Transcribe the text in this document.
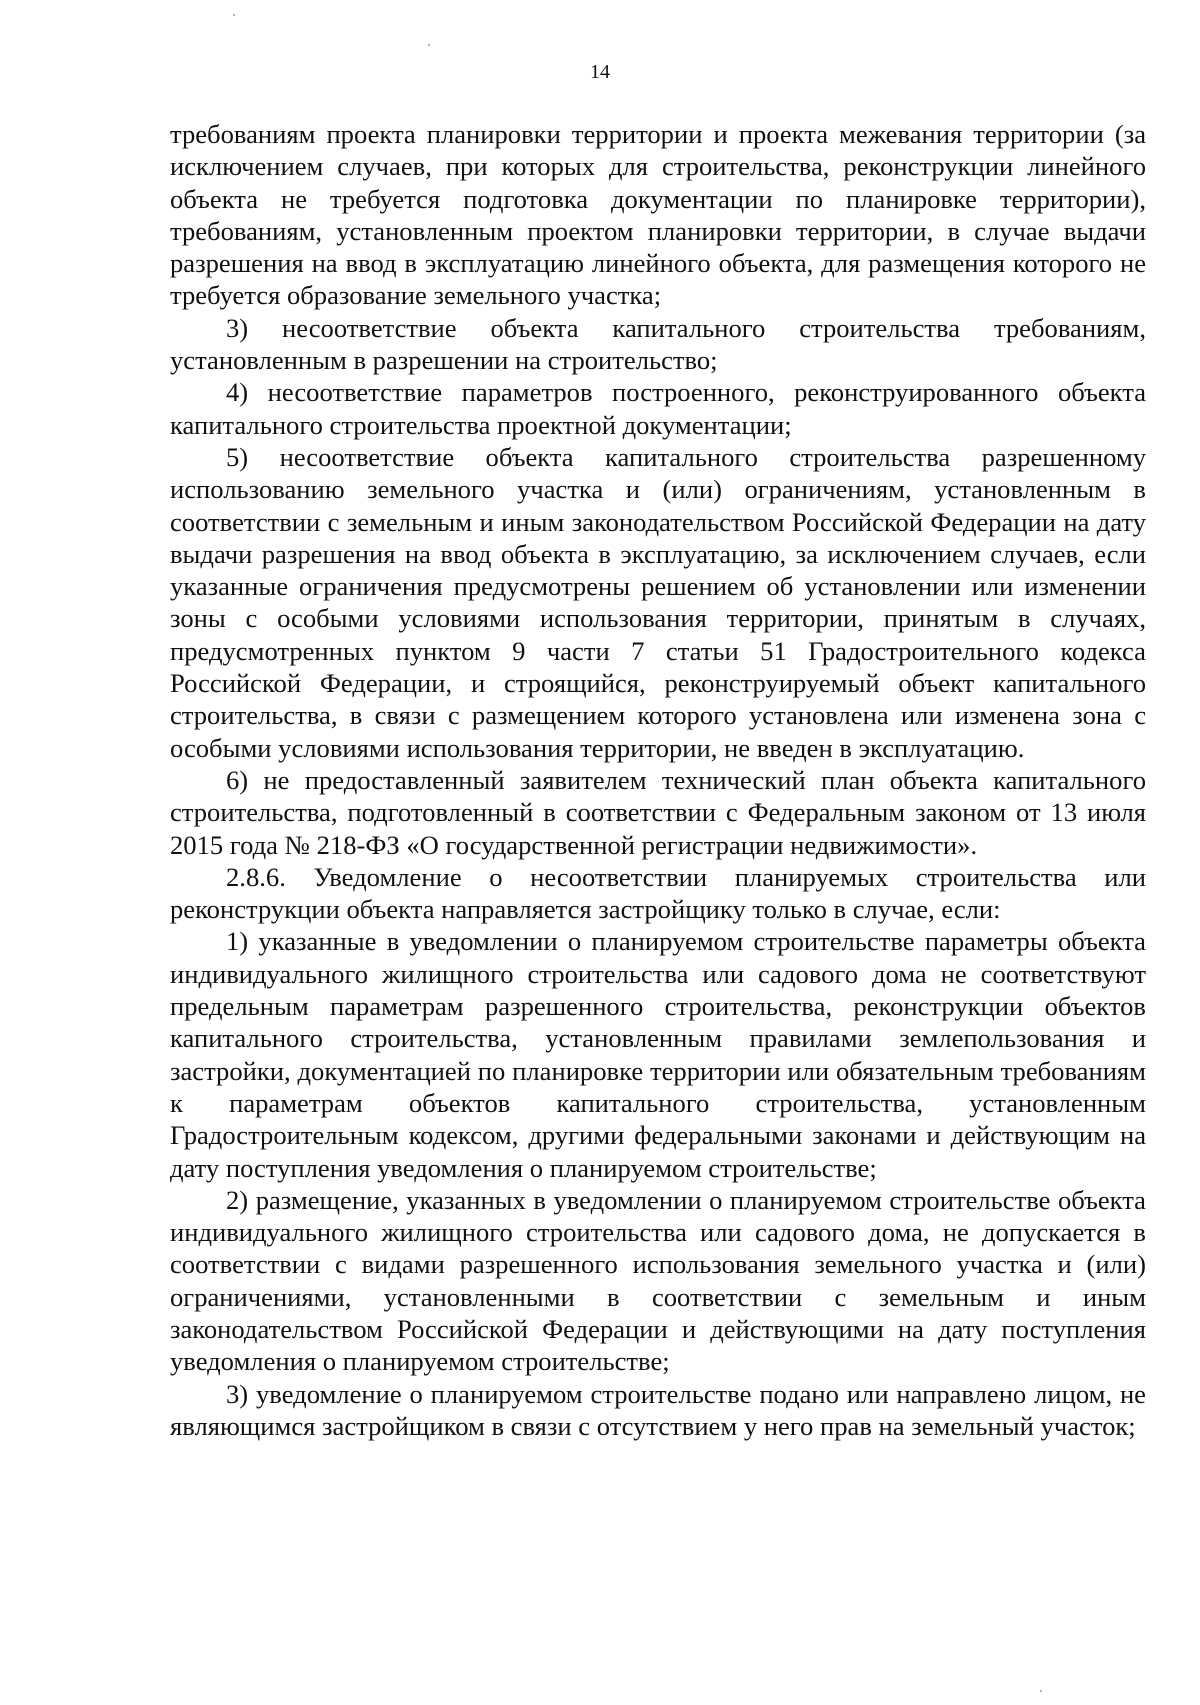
14

требованиям проекта планировки территории и проекта межевания территории (за исключением случаев, при которых для строительства, реконструкции линейного объекта не требуется подготовка документации по планировке территории), требованиям, установленным проектом планировки территории, в случае выдачи разрешения на ввод в эксплуатацию линейного объекта, для размещения которого не требуется образование земельного участка;

3) несоответствие объекта капитального строительства требованиям, установленным в разрешении на строительство;

4) несоответствие параметров построенного, реконструированного объекта капитального строительства проектной документации;

5) несоответствие объекта капитального строительства разрешенному использованию земельного участка и (или) ограничениям, установленным в соответствии с земельным и иным законодательством Российской Федерации на дату выдачи разрешения на ввод объекта в эксплуатацию, за исключением случаев, если указанные ограничения предусмотрены решением об установлении или изменении зоны с особыми условиями использования территории, принятым в случаях, предусмотренных пунктом 9 части 7 статьи 51 Градостроительного кодекса Российской Федерации, и строящийся, реконструируемый объект капитального строительства, в связи с размещением которого установлена или изменена зона с особыми условиями использования территории, не введен в эксплуатацию.

6) не предоставленный заявителем технический план объекта капитального строительства, подготовленный в соответствии с Федеральным законом от 13 июля 2015 года № 218-ФЗ «О государственной регистрации недвижимости».

2.8.6. Уведомление о несоответствии планируемых строительства или реконструкции объекта направляется застройщику только в случае, если:

1) указанные в уведомлении о планируемом строительстве параметры объекта индивидуального жилищного строительства или садового дома не соответствуют предельным параметрам разрешенного строительства, реконструкции объектов капитального строительства, установленным правилами землепользования и застройки, документацией по планировке территории или обязательным требованиям к параметрам объектов капитального строительства, установленным Градостроительным кодексом, другими федеральными законами и действующим на дату поступления уведомления о планируемом строительстве;

2) размещение, указанных в уведомлении о планируемом строительстве объекта индивидуального жилищного строительства или садового дома, не допускается в соответствии с видами разрешенного использования земельного участка и (или) ограничениями, установленными в соответствии с земельным и иным законодательством Российской Федерации и действующими на дату поступления уведомления о планируемом строительстве;

3) уведомление о планируемом строительстве подано или направлено лицом, не являющимся застройщиком в связи с отсутствием у него прав на земельный участок;
